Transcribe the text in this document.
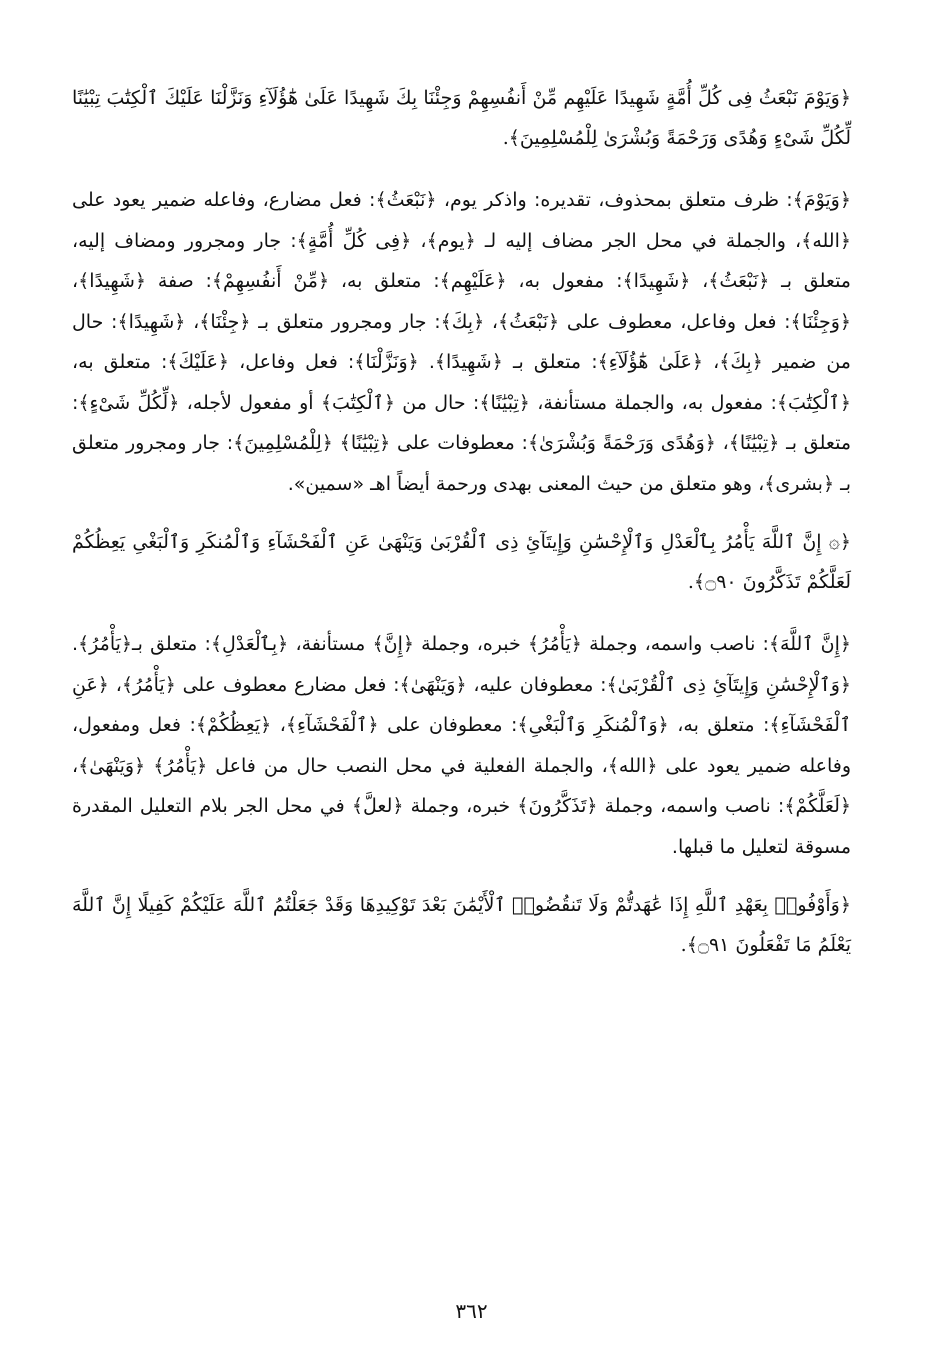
﴿وَيَوْمَ نَبْعَثُ فِى كُلِّ أُمَّةٍ شَهِيدًا عَلَيْهِم مِّنْ أَنفُسِهِمْ وَجِئْنَا بِكَ شَهِيدًا عَلَىٰ هَٰٓؤُلَآءِ وَنَزَّلْنَا عَلَيْكَ ٱلْكِتَٰبَ تِبْيَٰنًا لِّكُلِّ شَىْءٍ وَهُدًى وَرَحْمَةً وَبُشْرَىٰ لِلْمُسْلِمِينَ﴾.

﴿وَيَوْمَ﴾: ظرف متعلق بمحذوف، تقديره: واذكر يوم، ﴿نَبْعَثُ﴾: فعل مضارع، وفاعله ضمير يعود على ﴿الله﴾، والجملة في محل الجر مضاف إليه لـ ﴿يوم﴾، ﴿فِى كُلِّ أُمَّةٍ﴾: جار ومجرور ومضاف إليه، متعلق بـ ﴿نَبْعَثُ﴾، ﴿شَهِيدًا﴾: مفعول به، ﴿عَلَيْهِم﴾: متعلق به، ﴿مِّنْ أَنفُسِهِمْ﴾: صفة ﴿شَهِيدًا﴾، ﴿وَجِئْنَا﴾: فعل وفاعل، معطوف على ﴿نَبْعَثُ﴾، ﴿بِكَ﴾: جار ومجرور متعلق بـ ﴿جِئْنَا﴾، ﴿شَهِيدًا﴾: حال من ضمير ﴿بِكَ﴾، ﴿عَلَىٰ هَٰٓؤُلَآءِ﴾: متعلق بـ ﴿شَهِيدًا﴾. ﴿وَنَزَّلْنَا﴾: فعل وفاعل، ﴿عَلَيْكَ﴾: متعلق به، ﴿ٱلْكِتَٰبَ﴾: مفعول به، والجملة مستأنفة، ﴿تِبْيَٰنًا﴾: حال من ﴿ٱلْكِتَٰبَ﴾ أو مفعول لأجله، ﴿لِّكُلِّ شَىْءٍ﴾: متعلق بـ ﴿تِبْيَٰنًا﴾، ﴿وَهُدًى وَرَحْمَةً وَبُشْرَىٰ﴾: معطوفات على ﴿تِبْيَٰنًا﴾ ﴿لِلْمُسْلِمِينَ﴾: جار ومجرور متعلق بـ ﴿بشرى﴾، وهو متعلق من حيث المعنى بهدى ورحمة أيضاً اهـ «سمين».

﴿۞ إِنَّ ٱللَّهَ يَأْمُرُ بِٱلْعَدْلِ وَٱلْإِحْسَٰنِ وَإِيتَآئِ ذِى ٱلْقُرْبَىٰ وَيَنْهَىٰ عَنِ ٱلْفَحْشَآءِ وَٱلْمُنكَرِ وَٱلْبَغْىِ يَعِظُكُمْ لَعَلَّكُمْ تَذَكَّرُونَ ۝٩٠﴾.

﴿إِنَّ ٱللَّهَ﴾: ناصب واسمه، وجملة ﴿يَأْمُرُ﴾ خبره، وجملة ﴿إِنَّ﴾ مستأنفة، ﴿بِٱلْعَدْلِ﴾: متعلق بـ﴿يَأْمُرُ﴾. ﴿وَٱلْإِحْسَٰنِ وَإِيتَآئِ ذِى ٱلْقُرْبَىٰ﴾: معطوفان عليه، ﴿وَيَنْهَىٰ﴾: فعل مضارع معطوف على ﴿يَأْمُرُ﴾، ﴿عَنِ ٱلْفَحْشَآءِ﴾: متعلق به، ﴿وَٱلْمُنكَرِ وَٱلْبَغْىِ﴾: معطوفان على ﴿ٱلْفَحْشَآءِ﴾، ﴿يَعِظُكُمْ﴾: فعل ومفعول، وفاعله ضمير يعود على ﴿الله﴾، والجملة الفعلية في محل النصب حال من فاعل ﴿يَأْمُرُ﴾ ﴿وَيَنْهَىٰ﴾، ﴿لَعَلَّكُمْ﴾: ناصب واسمه، وجملة ﴿تَذَكَّرُونَ﴾ خبره، وجملة ﴿لعلَّ﴾ في محل الجر بلام التعليل المقدرة مسوقة لتعليل ما قبلها.

﴿وَأَوْفُوا۟ بِعَهْدِ ٱللَّهِ إِذَا عَٰهَدتُّمْ وَلَا تَنقُضُوا۟ ٱلْأَيْمَٰنَ بَعْدَ تَوْكِيدِهَا وَقَدْ جَعَلْتُمُ ٱللَّهَ عَلَيْكُمْ كَفِيلًا إِنَّ ٱللَّهَ يَعْلَمُ مَا تَفْعَلُونَ ۝٩١﴾.

٣٦٢
